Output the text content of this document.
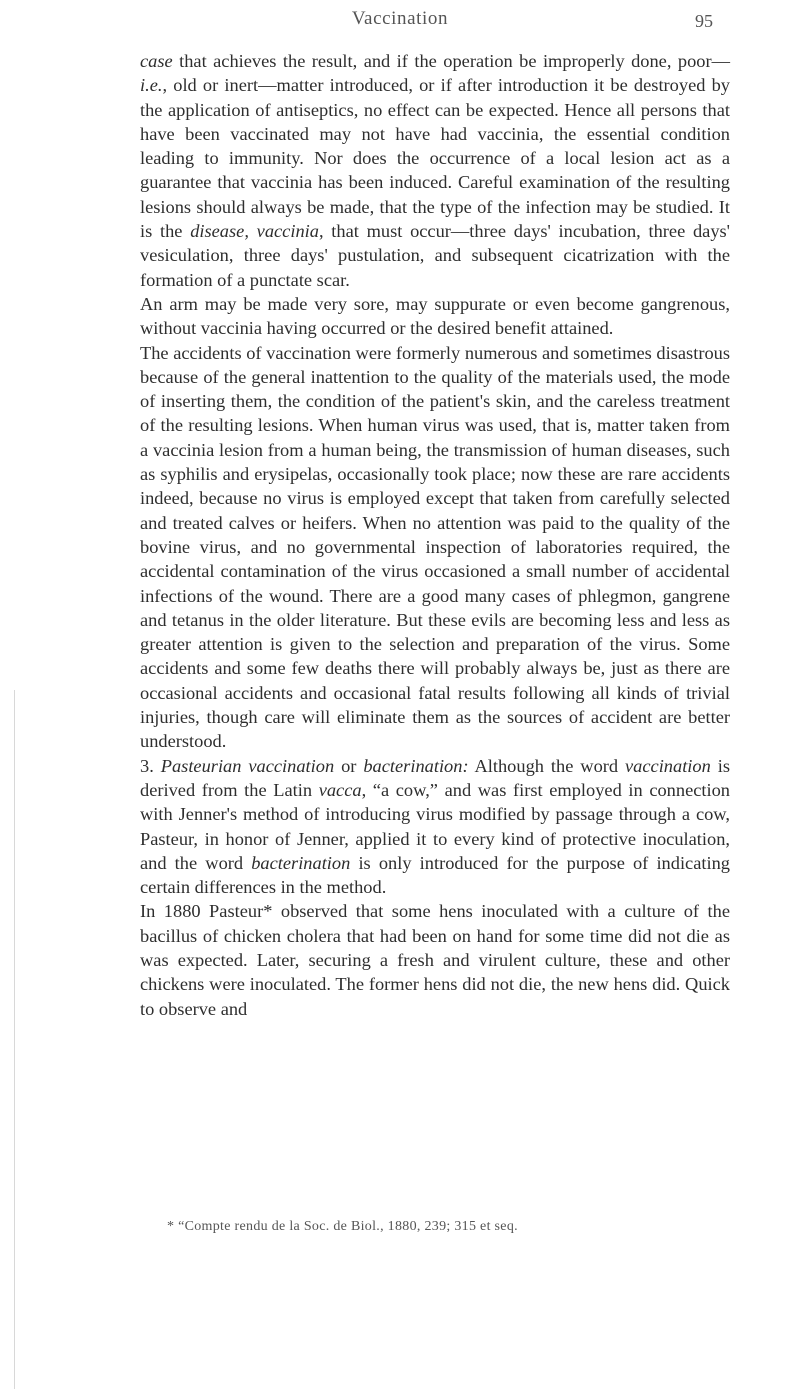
Vaccination	95

case that achieves the result, and if the operation be improperly done, poor—i.e., old or inert—matter introduced, or if after introduction it be destroyed by the application of antiseptics, no effect can be expected. Hence all persons that have been vaccinated may not have had vaccinia, the essential condition leading to immunity. Nor does the occurrence of a local lesion act as a guarantee that vaccinia has been induced. Careful examination of the resulting lesions should always be made, that the type of the infection may be studied. It is the disease, vaccinia, that must occur—three days' incubation, three days' vesiculation, three days' pustulation, and subsequent cicatrization with the formation of a punctate scar.

An arm may be made very sore, may suppurate or even become gangrenous, without vaccinia having occurred or the desired benefit attained.

The accidents of vaccination were formerly numerous and sometimes disastrous because of the general inattention to the quality of the materials used, the mode of inserting them, the condition of the patient's skin, and the careless treatment of the resulting lesions. When human virus was used, that is, matter taken from a vaccinia lesion from a human being, the transmission of human diseases, such as syphilis and erysipelas, occasionally took place; now these are rare accidents indeed, because no virus is employed except that taken from carefully selected and treated calves or heifers. When no attention was paid to the quality of the bovine virus, and no governmental inspection of laboratories required, the accidental contamination of the virus occasioned a small number of accidental infections of the wound. There are a good many cases of phlegmon, gangrene and tetanus in the older literature. But these evils are becoming less and less as greater attention is given to the selection and preparation of the virus. Some accidents and some few deaths there will probably always be, just as there are occasional accidents and occasional fatal results following all kinds of trivial injuries, though care will eliminate them as the sources of accident are better understood.

3. Pasteurian vaccination or bacterination: Although the word vaccination is derived from the Latin vacca, “a cow,” and was first employed in connection with Jenner's method of introducing virus modified by passage through a cow, Pasteur, in honor of Jenner, applied it to every kind of protective inoculation, and the word bacterination is only introduced for the purpose of indicating certain differences in the method.

In 1880 Pasteur* observed that some hens inoculated with a culture of the bacillus of chicken cholera that had been on hand for some time did not die as was expected. Later, securing a fresh and virulent culture, these and other chickens were inoculated. The former hens did not die, the new hens did. Quick to observe and

* “Compte rendu de la Soc. de Biol., 1880, 239; 315 et seq.
